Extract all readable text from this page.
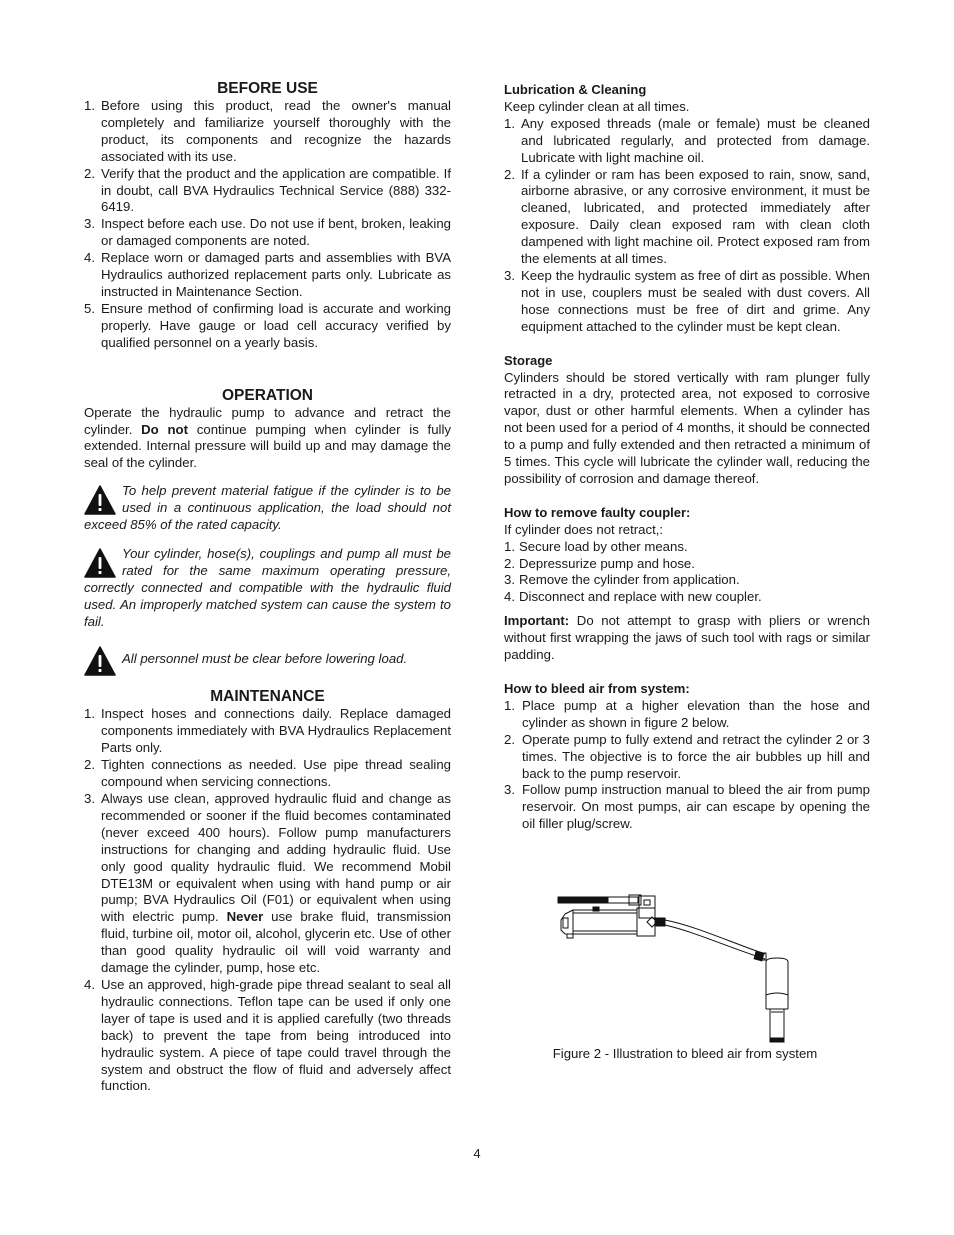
BEFORE USE
1. Before using this product, read the owner's manual completely and familiarize yourself thoroughly with the product, its components and recognize the hazards associated with its use.
2. Verify that the product and the application are compatible. If in doubt, call BVA Hydraulics Technical Service (888) 332-6419.
3. Inspect before each use. Do not use if bent, broken, leaking or damaged components are noted.
4. Replace worn or damaged parts and assemblies with BVA Hydraulics authorized replacement parts only. Lubricate as instructed in Maintenance Section.
5. Ensure method of confirming load is accurate and working properly. Have gauge or load cell accuracy verified by qualified personnel on a yearly basis.
OPERATION

Operate the hydraulic pump to advance and retract the cylinder. Do not continue pumping when cylinder is fully extended. Internal pressure will build up and may damage the seal of the cylinder.

To help prevent material fatigue if the cylinder is to be used in a continuous application, the load should not exceed 85% of the rated capacity.
Your cylinder, hose(s), couplings and pump all must be rated for the same maximum operating pressure, correctly connected and compatible with the hydraulic fluid used. An improperly matched system can cause the system to fail.
All personnel must be clear before lowering load.
MAINTENANCE
1. Inspect hoses and connections daily. Replace damaged components immediately with BVA Hydraulics Replacement Parts only.
2. Tighten connections as needed. Use pipe thread sealing compound when servicing connections.
3. Always use clean, approved hydraulic fluid and change as recommended or sooner if the fluid becomes contaminated (never exceed 400 hours). Follow pump manufacturers instructions for changing and adding hydraulic fluid. Use only good quality hydraulic fluid. We recommend Mobil DTE13M or equivalent when using with hand pump or air pump; BVA Hydraulics Oil (F01) or equivalent when using with electric pump. Never use brake fluid, transmission fluid, turbine oil, motor oil, alcohol, glycerin etc. Use of other than good quality hydraulic oil will void warranty and damage the cylinder, pump, hose etc.
4. Use an approved, high-grade pipe thread sealant to seal all hydraulic connections. Teflon tape can be used if only one layer of tape is used and it is applied carefully (two threads back) to prevent the tape from being introduced into hydraulic system. A piece of tape could travel through the system and obstruct the flow of fluid and adversely affect function.
Lubrication & Cleaning

Keep cylinder clean at all times.

1. Any exposed threads (male or female) must be cleaned and lubricated regularly, and protected from damage. Lubricate with light machine oil.
2. If a cylinder or ram has been exposed to rain, snow, sand, airborne abrasive, or any corrosive environment, it must be cleaned, lubricated, and protected immediately after exposure. Daily clean exposed ram with clean cloth dampened with light machine oil. Protect exposed ram from the elements at all times.
3. Keep the hydraulic system as free of dirt as possible. When not in use, couplers must be sealed with dust covers. All hose connections must be free of dirt and grime. Any equipment attached to the cylinder must be kept clean.
Storage

Cylinders should be stored vertically with ram plunger fully retracted in a dry, protected area, not exposed to corrosive vapor, dust or other harmful elements. When a cylinder has not been used for a period of 4 months, it should be connected to a pump and fully extended and then retracted a minimum of 5 times. This cycle will lubricate the cylinder wall, reducing the possibility of corrosion and damage thereof.

How to remove faulty coupler:

If cylinder does not retract,:

1. Secure load by other means.
2. Depressurize pump and hose.
3. Remove the cylinder from application.
4. Disconnect and replace with new coupler.

Important: Do not attempt to grasp with pliers or wrench without first wrapping the jaws of such tool with rags or similar padding.

How to bleed air from system:
1. Place pump at a higher elevation than the hose and cylinder as shown in figure 2 below.
2. Operate pump to fully extend and retract the cylinder 2 or 3 times. The objective is to force the air bubbles up hill and back to the pump reservoir.
3. Follow pump instruction manual to bleed the air from pump reservoir. On most pumps, air can escape by opening the oil filler plug/screw.
Figure 2 - Illustration to bleed air from system
4
